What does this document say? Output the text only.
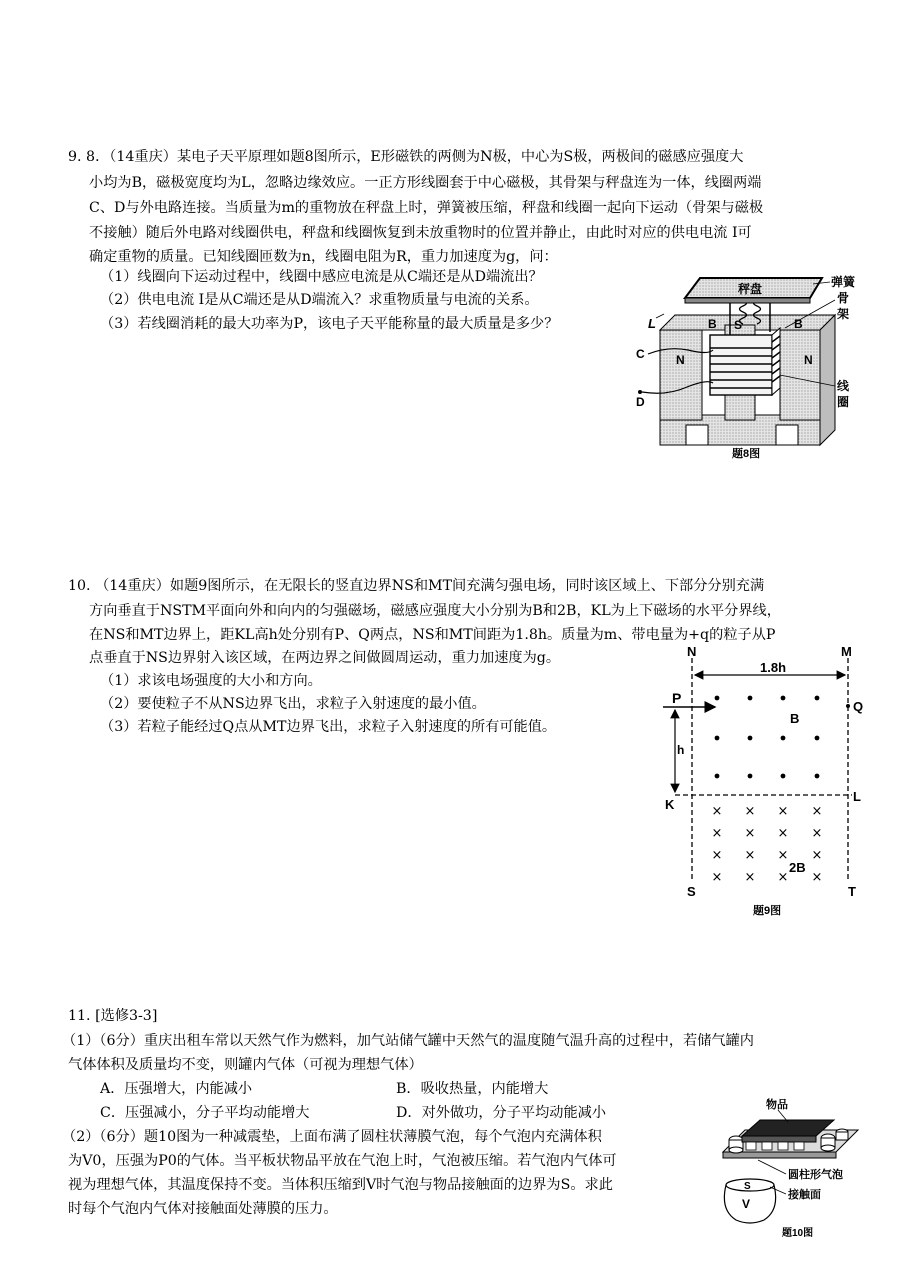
9. 8．（14重庆）某电子天平原理如题8图所示，E形磁铁的两侧为N极，中心为S极，两极间的磁感应强度大
小均为B，磁极宽度均为L，忽略边缘效应。一正方形线圈套于中心磁极，其骨架与秤盘连为一体，线圈两端
C、D与外电路连接。当质量为m的重物放在秤盘上时，弹簧被压缩，秤盘和线圈一起向下运动（骨架与磁极
不接触）随后外电路对线圈供电，秤盘和线圈恢复到未放重物时的位置并静止，由此时对应的供电电流 I可
确定重物的质量。已知线圈匝数为n，线圈电阻为R，重力加速度为g，问：
（1）线圈向下运动过程中，线圈中感应电流是从C端还是从D端流出？
（2）供电电流 I是从C端还是从D端流入？求重物质量与电流的关系。
（3）若线圈消耗的最大功率为P，该电子天平能称量的最大质量是多少？
秤盘	弹簧
骨
架
线
圈
L	B S	B
N	N
C
D
题8图
10. （14重庆）如题9图所示，在无限长的竖直边界NS和MT间充满匀强电场，同时该区域上、下部分分别充满
方向垂直于NSTM平面向外和向内的匀强磁场，磁感应强度大小分别为B和2B，KL为上下磁场的水平分界线，
在NS和MT边界上，距KL高h处分别有P、Q两点，NS和MT间距为1.8h。质量为m、带电量为+q的粒子从P
点垂直于NS边界射入该区域，在两边界之间做圆周运动，重力加速度为g。
（1）求该电场强度的大小和方向。
（2）要使粒子不从NS边界飞出，求粒子入射速度的最小值。
（3）若粒子能经过Q点从MT边界飞出，求粒子入射速度的所有可能值。
× × × ×
× × × ×
× × × ×
× × × ×
N	M
1.8h
P
Q
B
h
K
L
2B
S	T
题9图
11. [选修3-3]
（1）（6分）重庆出租车常以天然气作为燃料，加气站储气罐中天然气的温度随气温升高的过程中，若储气罐内
气体体积及质量均不变，则罐内气体（可视为理想气体）
A．压强增大，内能减小	B．吸收热量，内能增大
C．压强减小，分子平均动能增大	D．对外做功，分子平均动能减小
（2）（6分）题10图为一种减震垫，上面布满了圆柱状薄膜气泡，每个气泡内充满体积
为V0，压强为P0的气体。当平板状物品平放在气泡上时，气泡被压缩。若气泡内气体可
视为理想气体，其温度保持不变。当体积压缩到V时气泡与物品接触面的边界为S。求此
时每个气泡内气体对接触面处薄膜的压力。
物品
圆柱形气泡
S
V
接触面
题10图
